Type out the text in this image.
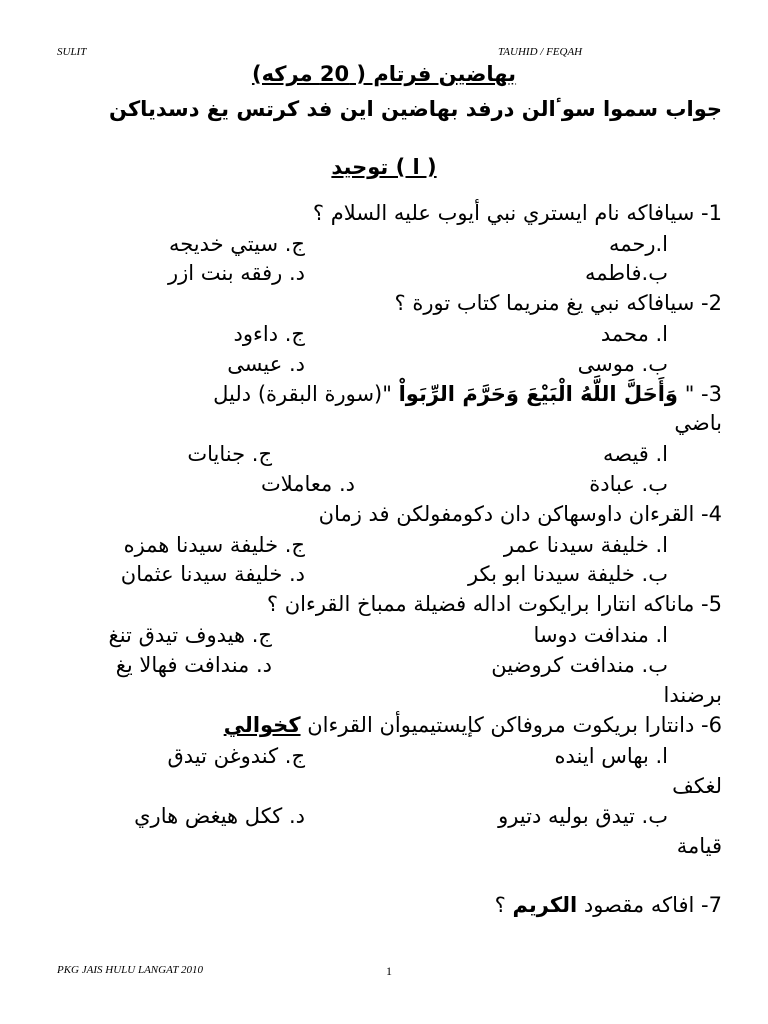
SULIT	TAUHID / FEQAH
بهاضين فرتام ( 20 مركه)
جواب سموا سوٴالن درفد بهاضين اين فد كرتس يغ دسدياكن
( ا ) توحيد
1- سيافاكه نام ايستري نبي أيوب عليه السلام ؟
ا.رحمه
ج. سيتي خديجه
ب.فاطمه
د. رفقه بنت ازر
2- سيافاكه نبي يغ منريما كتاب تورة ؟
ا. محمد
ج. داءود
ب. موسى
د. عيسى
3- " وَأَحَلَّ اللَّهُ الْبَيْعَ وَحَرَّمَ الرِّبَواْ "(سورة البقرة) دليل
باضي
ا. قيصه
ج. جنايات
ب. عبادة
د. معاملات
4- القرءان داوسهاكن دان دكومفولكن فد زمان
ا. خليفة سيدنا عمر
ج. خليفة سيدنا همزه
ب. خليفة سيدنا ابو بكر
د. خليفة سيدنا عثمان
5- ماناكه انتارا برايكوت اداله فضيلة ممباخ القرءان ؟
ا. مندافت دوسا
ج. هيدوف تيدق تنغ
ب. مندافت كروضين
د. مندافت فهالا يغ
برضندا
6- دانتارا بريكوت مروفاكن كإيستيميوأن القرءان كخوالي
ا. بهاس ايندە
ج. كندوغن تيدق
لغكف
ب. تيدق بوليه دتيرو
د. ككل هيغض هاري
قيامة
7- افاكه مقصود الكريم ؟
PKG JAIS HULU LANGAT 2010	1
